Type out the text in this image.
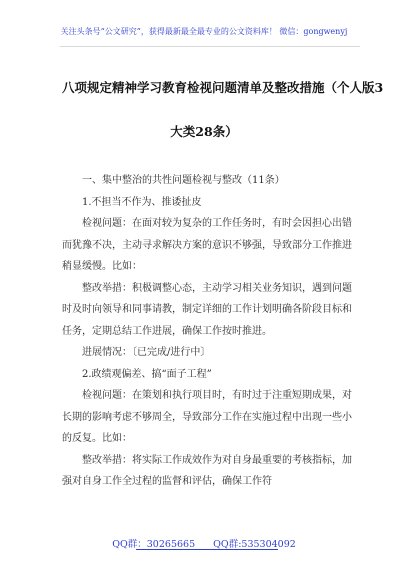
关注头条号“公文研究”，获得最新最全最专业的公文资料库！ 微信：gongwenyj
八项规定精神学习教育检视问题清单及整改措施（个人版3
大类28条）

一、集中整治的共性问题检视与整改（11条）

1.不担当不作为、推诿扯皮

检视问题：在面对较为复杂的工作任务时，有时会因担心出错而犹豫不决，主动寻求解决方案的意识不够强，导致部分工作推进稍显缓慢。比如：

整改举措：积极调整心态，主动学习相关业务知识，遇到问题时及时向领导和同事请教，制定详细的工作计划明确各阶段目标和任务，定期总结工作进展，确保工作按时推进。

进展情况：〔已完成/进行中〕

2.政绩观偏差、搞“面子工程”

检视问题：在策划和执行项目时，有时过于注重短期成果，对长期的影响考虑不够周全，导致部分工作在实施过程中出现一些小的反复。比如：

整改举措：将实际工作成效作为对自身最重要的考核指标，加强对自身工作全过程的监督和评估，确保工作符

QQ群：30265665 QQ群:535304092
